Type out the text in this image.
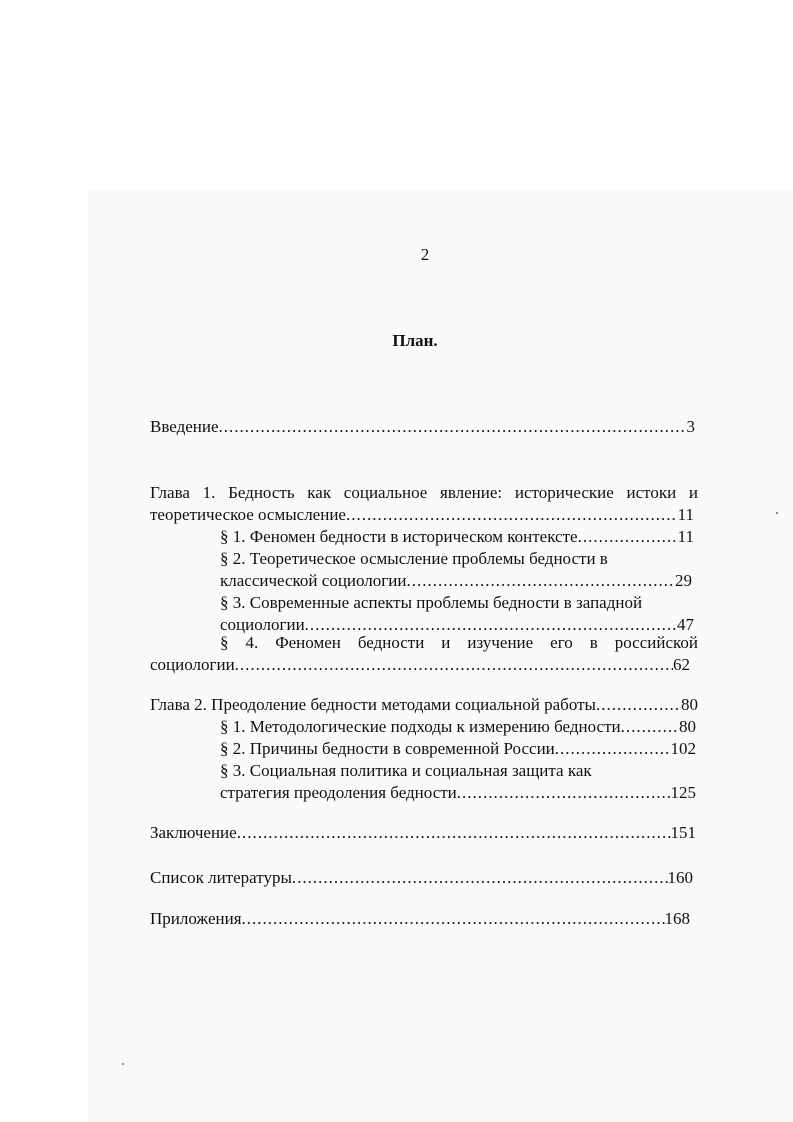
2
План.
Введение .....	3
Глава 1. Бедность как социальное явление: исторические истоки и
теоретическое осмысление .....	11
§ 1. Феномен бедности в историческом контексте .....	11
§ 2. Теоретическое осмысление проблемы бедности в
классической социологии .....	29
§ 3. Современные аспекты проблемы бедности в западной
социологии .....	47
§ 4. Феномен бедности и изучение его в российской
социологии .....	62
Глава 2. Преодоление бедности методами социальной работы .....	80
§ 1. Методологические подходы к измерению бедности .....	80
§ 2. Причины бедности в современной России .....	102
§ 3. Социальная политика и социальная защита как
стратегия преодоления бедности .....	125
Заключение .....	151
Список литературы .....	160
Приложения .....	168
